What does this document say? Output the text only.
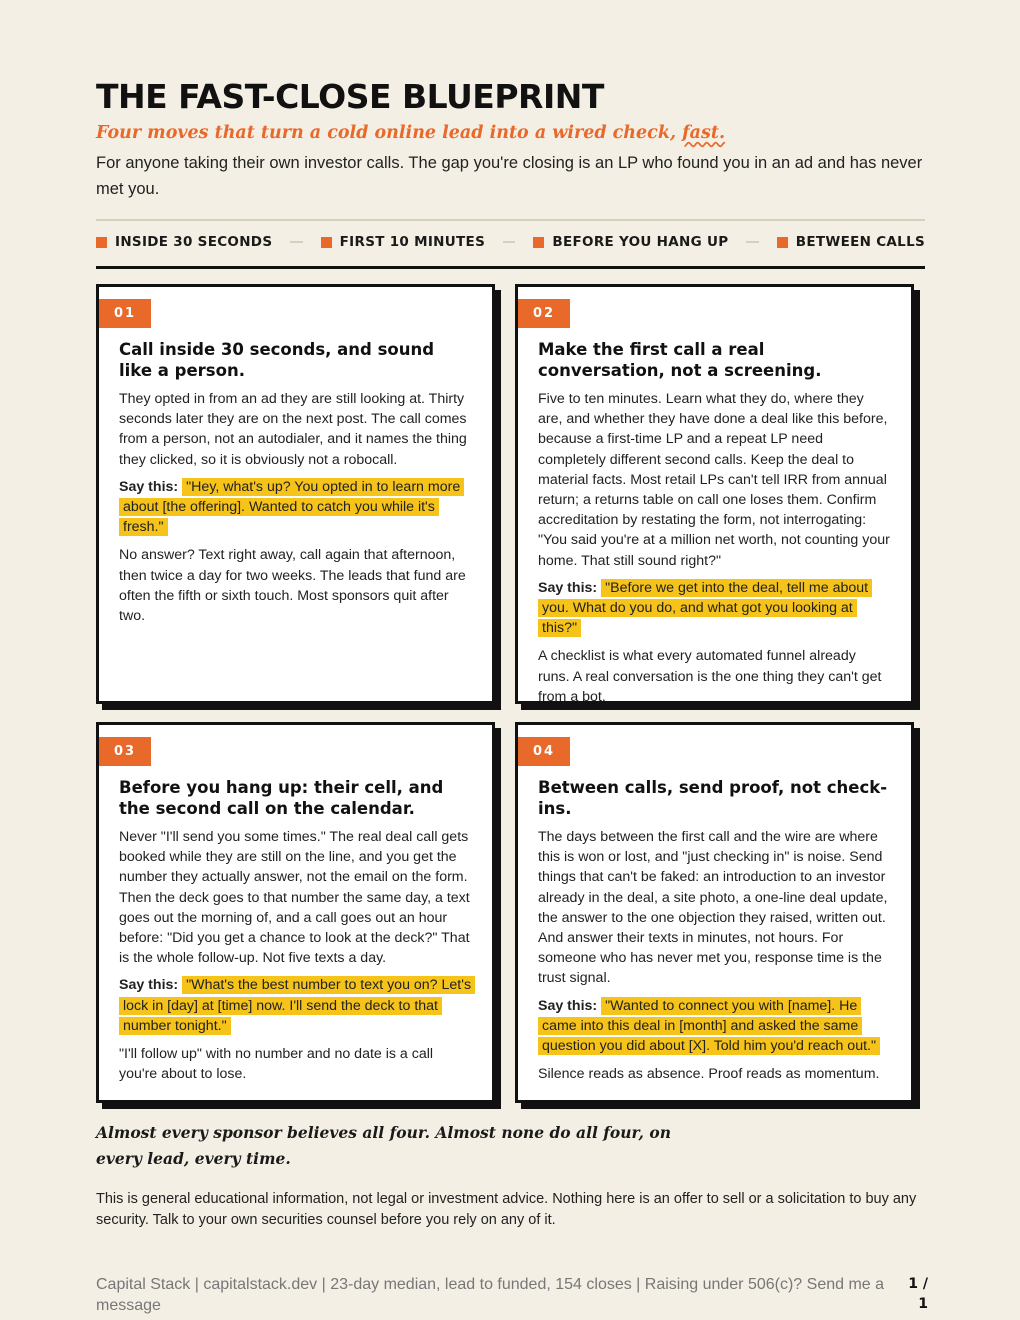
THE FAST-CLOSE BLUEPRINT
Four moves that turn a cold online lead into a wired check, fast.

For anyone taking their own investor calls. The gap you're closing is an LP who found you in an ad and has never met you.

INSIDE 30 SECONDS	FIRST 10 MINUTES	BEFORE YOU HANG UP	BETWEEN CALLS
01
Call inside 30 seconds, and sound like a person.

They opted in from an ad they are still looking at. Thirty seconds later they are on the next post. The call comes from a person, not an autodialer, and it names the thing they clicked, so it is obviously not a robocall.

Say this: "Hey, what's up? You opted in to learn more about [the offering]. Wanted to catch you while it's fresh."

No answer? Text right away, call again that afternoon, then twice a day for two weeks. The leads that fund are often the fifth or sixth touch. Most sponsors quit after two.

02
Make the first call a real conversation, not a screening.

Five to ten minutes. Learn what they do, where they are, and whether they have done a deal like this before, because a first-time LP and a repeat LP need completely different second calls. Keep the deal to material facts. Most retail LPs can't tell IRR from annual return; a returns table on call one loses them. Confirm accreditation by restating the form, not interrogating: "You said you're at a million net worth, not counting your home. That still sound right?"

Say this: "Before we get into the deal, tell me about you. What do you do, and what got you looking at this?"

A checklist is what every automated funnel already runs. A real conversation is the one thing they can't get from a bot.

03
Before you hang up: their cell, and the second call on the calendar.

Never "I'll send you some times." The real deal call gets booked while they are still on the line, and you get the number they actually answer, not the email on the form. Then the deck goes to that number the same day, a text goes out the morning of, and a call goes out an hour before: "Did you get a chance to look at the deck?" That is the whole follow-up. Not five texts a day.

Say this: "What's the best number to text you on? Let's lock in [day] at [time] now. I'll send the deck to that number tonight."

"I'll follow up" with no number and no date is a call you're about to lose.

04
Between calls, send proof, not check-ins.

The days between the first call and the wire are where this is won or lost, and "just checking in" is noise. Send things that can't be faked: an introduction to an investor already in the deal, a site photo, a one-line deal update, the answer to the one objection they raised, written out. And answer their texts in minutes, not hours. For someone who has never met you, response time is the trust signal.

Say this: "Wanted to connect you with [name]. He came into this deal in [month] and asked the same question you did about [X]. Told him you'd reach out."

Silence reads as absence. Proof reads as momentum.

Almost every sponsor believes all four. Almost none do all four, on every lead, every time.

This is general educational information, not legal or investment advice. Nothing here is an offer to sell or a solicitation to buy any security. Talk to your own securities counsel before you rely on any of it.

Capital Stack | capitalstack.dev | 23-day median, lead to funded, 154 closes | Raising under 506(c)? Send me a message

1 / 1
